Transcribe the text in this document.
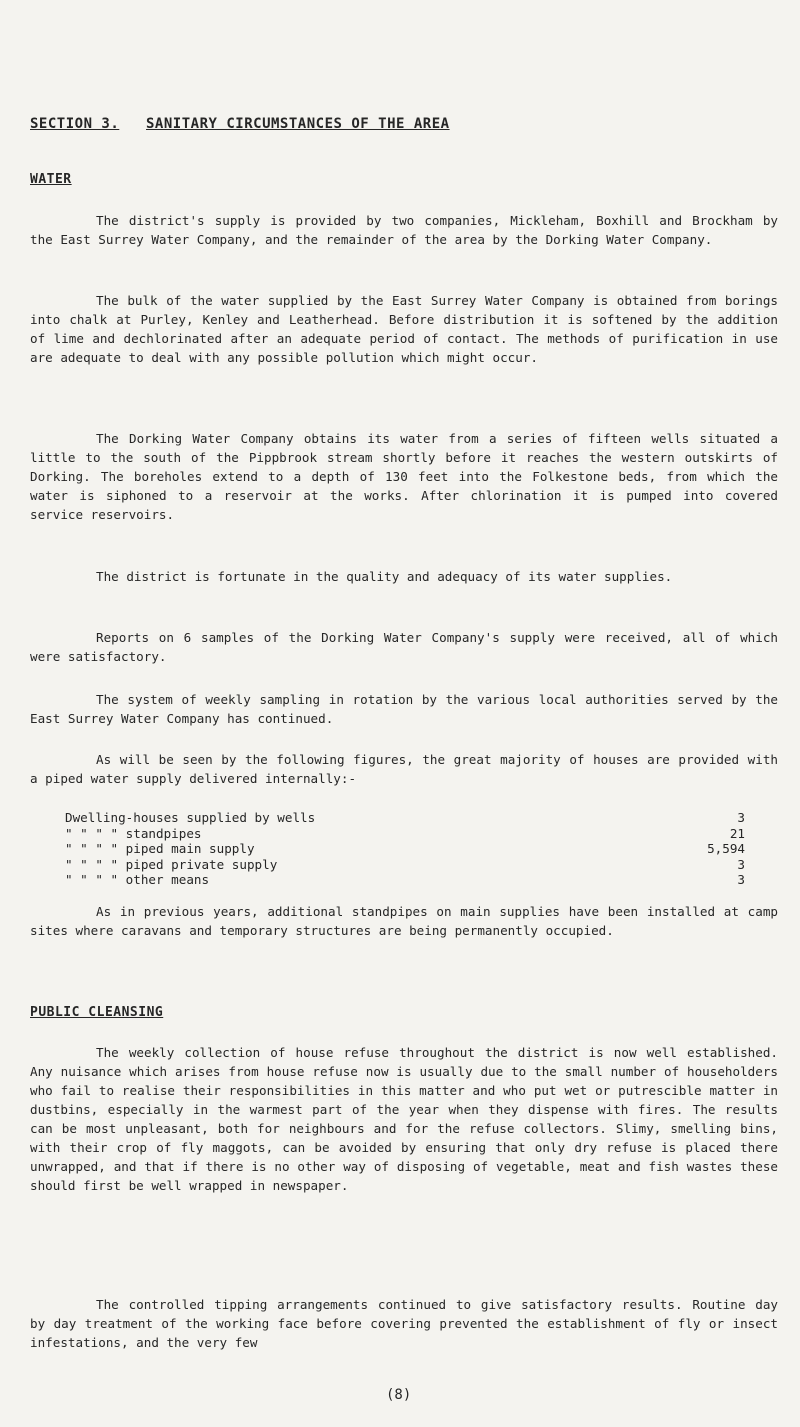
SECTION 3. SANITARY CIRCUMSTANCES OF THE AREA
WATER

The district's supply is provided by two companies, Mickleham, Boxhill and Brockham by the East Surrey Water Company, and the remainder of the area by the Dorking Water Company.

The bulk of the water supplied by the East Surrey Water Company is obtained from borings into chalk at Purley, Kenley and Leatherhead. Before distribution it is softened by the addition of lime and dechlorinated after an adequate period of contact. The methods of purification in use are adequate to deal with any possible pollution which might occur.

The Dorking Water Company obtains its water from a series of fifteen wells situated a little to the south of the Pippbrook stream shortly before it reaches the western outskirts of Dorking. The boreholes extend to a depth of 130 feet into the Folkestone beds, from which the water is siphoned to a reservoir at the works. After chlorination it is pumped into covered service reservoirs.

The district is fortunate in the quality and adequacy of its water supplies.

Reports on 6 samples of the Dorking Water Company's supply were received, all of which were satisfactory.

The system of weekly sampling in rotation by the various local authorities served by the East Surrey Water Company has continued.

As will be seen by the following figures, the great majority of houses are provided with a piped water supply delivered internally:-

Dwelling-houses supplied by wells	3
" " " " standpipes	21
" " " " piped main supply	5,594
" " " " piped private supply	3
" " " " other means	3

As in previous years, additional standpipes on main supplies have been installed at camp sites where caravans and temporary structures are being permanently occupied.

PUBLIC CLEANSING

The weekly collection of house refuse throughout the district is now well established. Any nuisance which arises from house refuse now is usually due to the small number of householders who fail to realise their responsibilities in this matter and who put wet or putrescible matter in dustbins, especially in the warmest part of the year when they dispense with fires. The results can be most unpleasant, both for neighbours and for the refuse collectors. Slimy, smelling bins, with their crop of fly maggots, can be avoided by ensuring that only dry refuse is placed there unwrapped, and that if there is no other way of disposing of vegetable, meat and fish wastes these should first be well wrapped in newspaper.

The controlled tipping arrangements continued to give satisfactory results. Routine day by day treatment of the working face before covering prevented the establishment of fly or insect infestations, and the very few

(8)
